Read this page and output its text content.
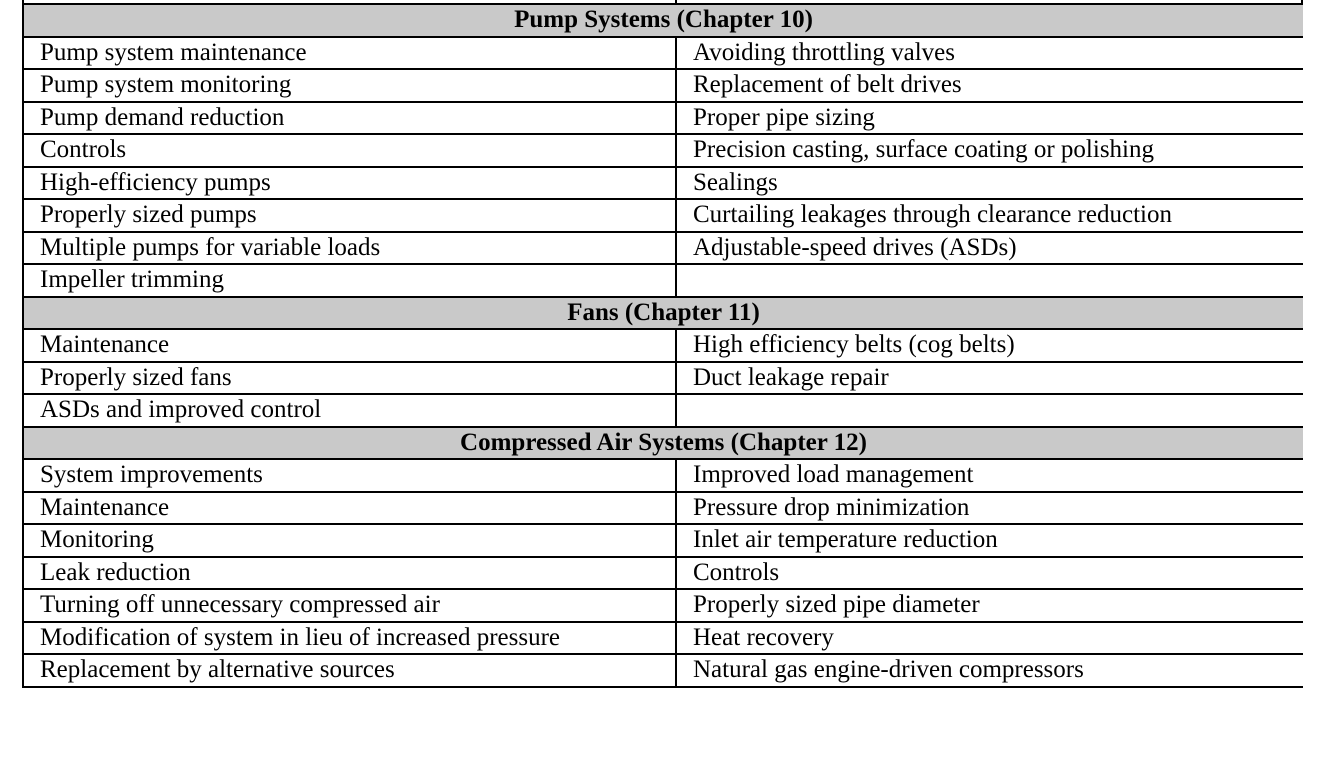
Pump Systems (Chapter 10)	
Pump system maintenance	Avoiding throttling valves
Pump system monitoring	Replacement of belt drives
Pump demand reduction	Proper pipe sizing
Controls	Precision casting, surface coating or polishing
High-efficiency pumps	Sealings
Properly sized pumps	Curtailing leakages through clearance reduction
Multiple pumps for variable loads	Adjustable-speed drives (ASDs)
Impeller trimming	
Fans (Chapter 11)	
Maintenance	High efficiency belts (cog belts)
Properly sized fans	Duct leakage repair
ASDs and improved control	
Compressed Air Systems (Chapter 12)	
System improvements	Improved load management
Maintenance	Pressure drop minimization
Monitoring	Inlet air temperature reduction
Leak reduction	Controls
Turning off unnecessary compressed air	Properly sized pipe diameter
Modification of system in lieu of increased pressure	Heat recovery
Replacement by alternative sources	Natural gas engine-driven compressors
